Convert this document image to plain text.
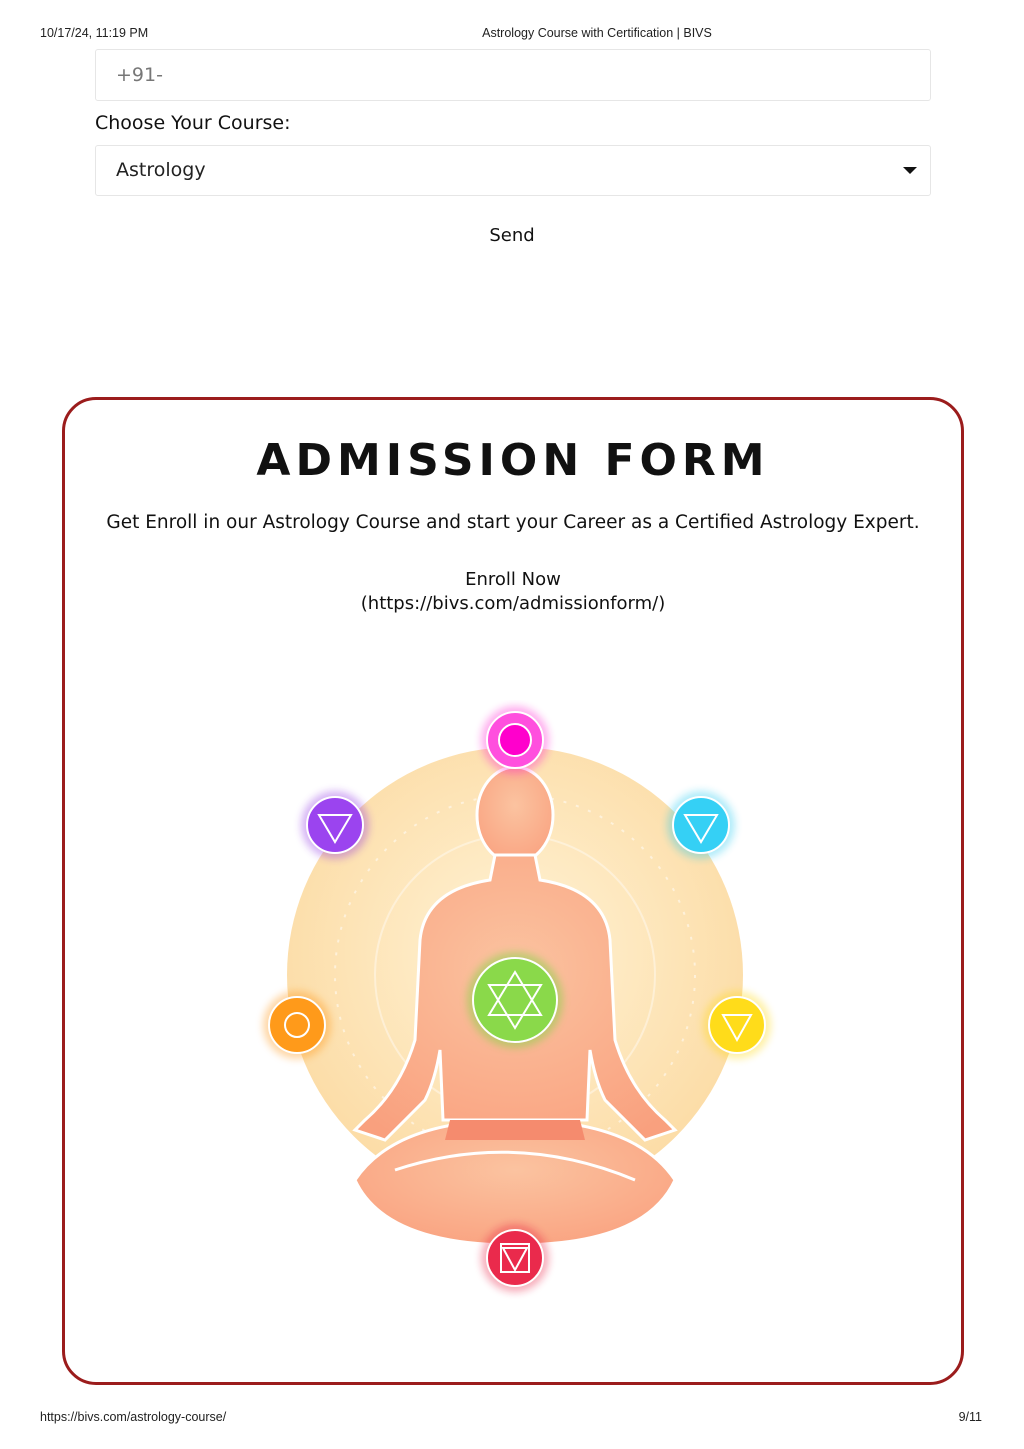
10/17/24, 11:19 PM	Astrology Course with Certification | BIVS
+91-
Choose Your Course:
Astrology
Send
ADMISSION FORM
Get Enroll in our Astrology Course and start your Career as a Certified Astrology Expert.
Enroll Now
(https://bivs.com/admissionform/)
https://bivs.com/astrology-course/	9/11
